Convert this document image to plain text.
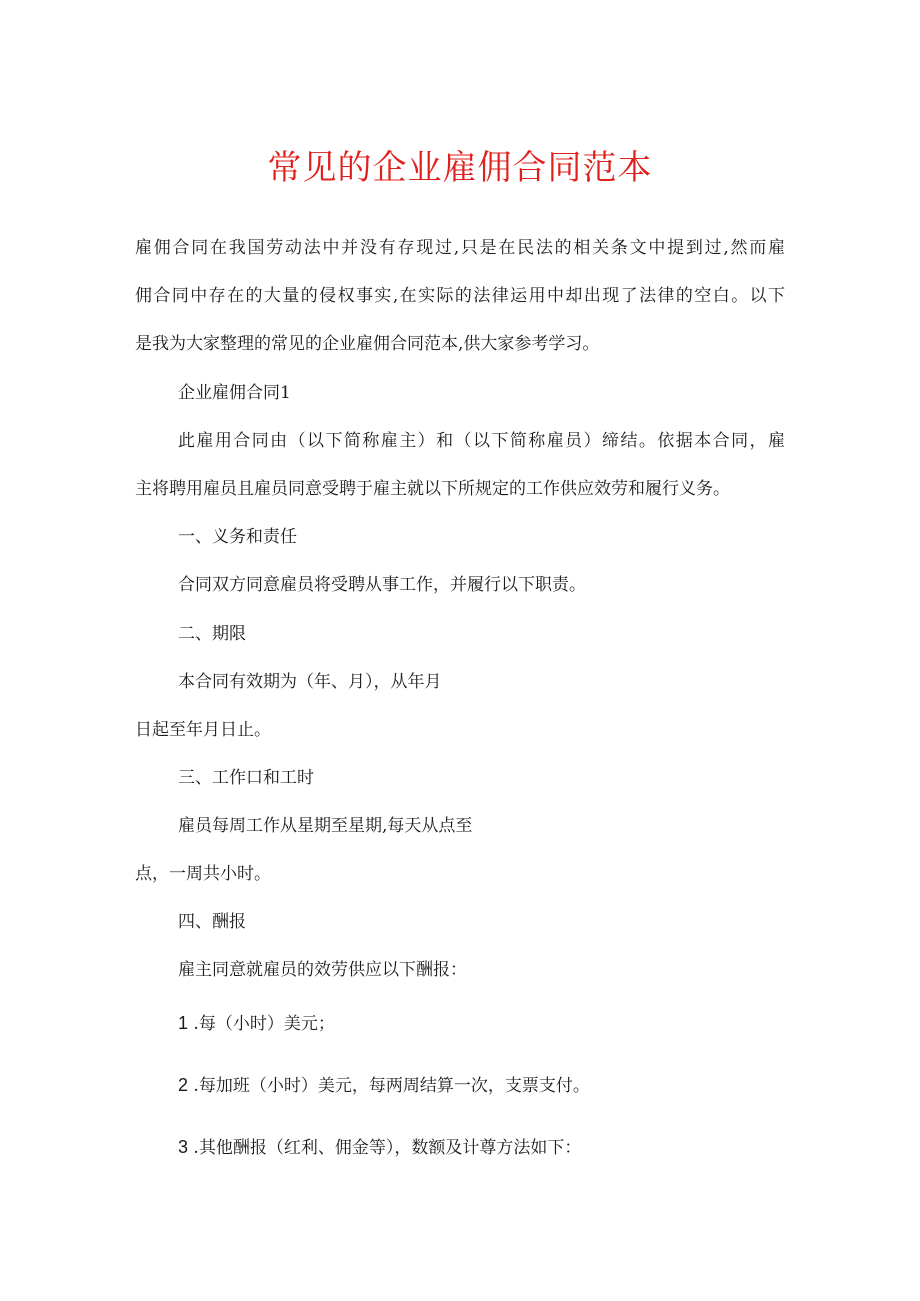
常见的企业雇佣合同范本

雇佣合同在我国劳动法中并没有存现过,只是在民法的相关条文中提到过,然而雇

佣合同中存在的大量的侵权事实,在实际的法律运用中却出现了法律的空白。以下

是我为大家整理的常见的企业雇佣合同范本,供大家参考学习。

企业雇佣合同1

此雇用合同由（以下简称雇主）和（以下简称雇员）缔结。依据本合同，雇

主将聘用雇员且雇员同意受聘于雇主就以下所规定的工作供应效劳和履行义务。

一、义务和责任

合同双方同意雇员将受聘从事工作，并履行以下职责。

二、期限

本合同有效期为（年、月），从年月

日起至年月日止。

三、工作口和工时

雇员每周工作从星期至星期,每天从点至

点，一周共小时。

四、酬报

雇主同意就雇员的效劳供应以下酬报：

1 .每（小时）美元；

2 .每加班（小时）美元，每两周结算一次，支票支付。

3 .其他酬报（红利、佣金等），数额及计尊方法如下：
